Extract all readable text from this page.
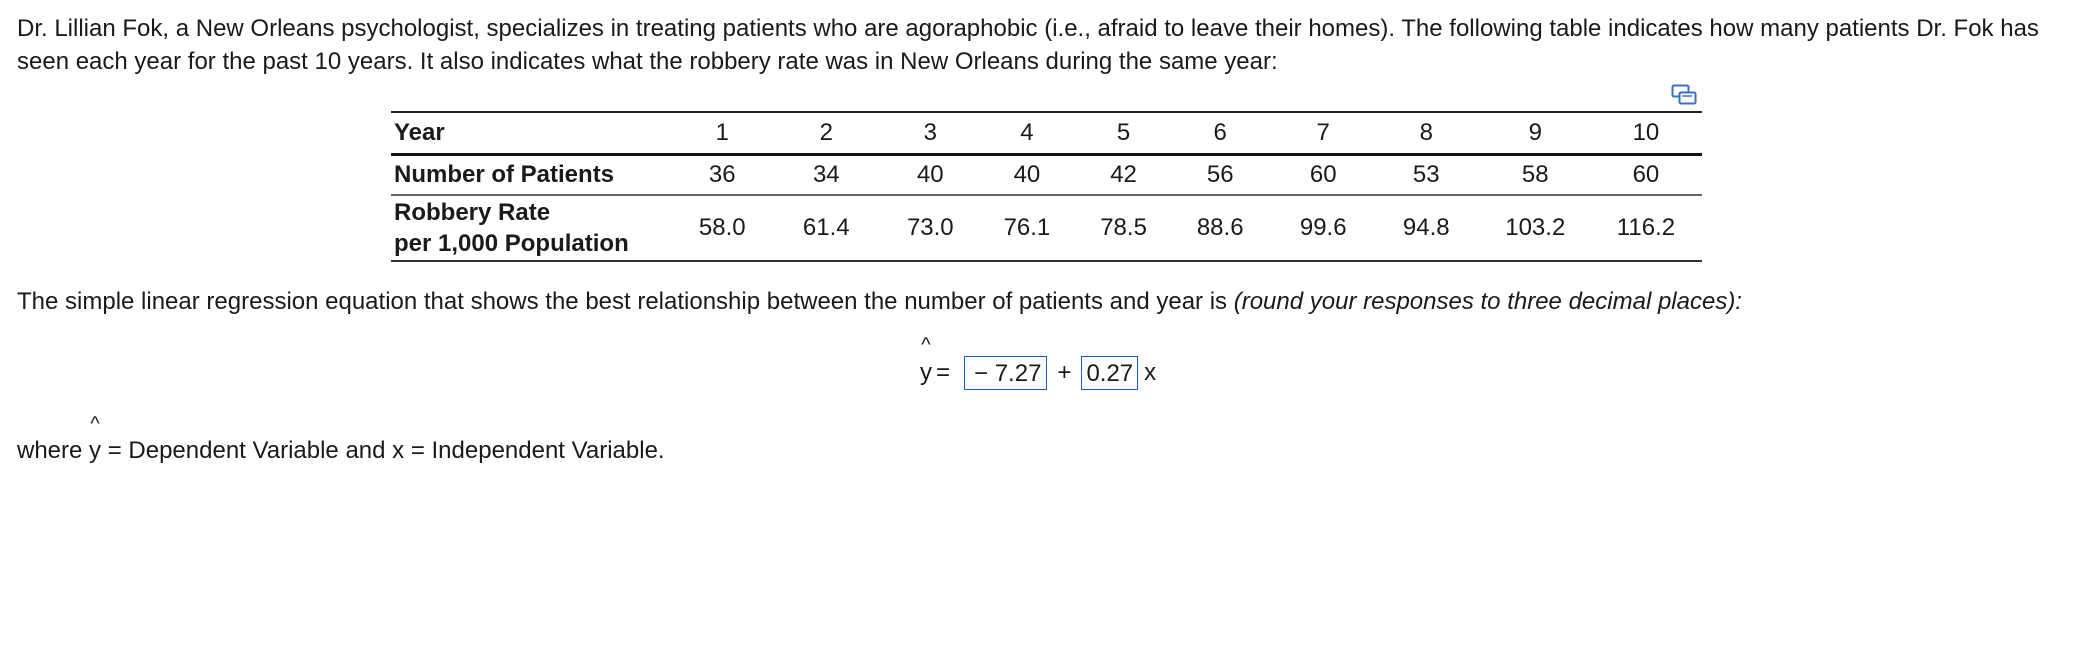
Dr. Lillian Fok, a New Orleans psychologist, specializes in treating patients who are agoraphobic (i.e., afraid to leave their homes). The following table indicates how many patients Dr. Fok has seen each year for the past 10 years. It also indicates what the robbery rate was in New Orleans during the same year:

Year	1	2	3	4	5	6	7	8	9	10
Number of Patients	36	34	40	40	42	56	60	53	58	60
Robbery Rate
per 1,000 Population	58.0	61.4	73.0	76.1	78.5	88.6	99.6	94.8	103.2	116.2

The simple linear regression equation that shows the best relationship between the number of patients and year is (round your responses to three decimal places):

^
y =	− 7.27 + 0.27 x

where
^
y = Dependent Variable and x = Independent Variable.
